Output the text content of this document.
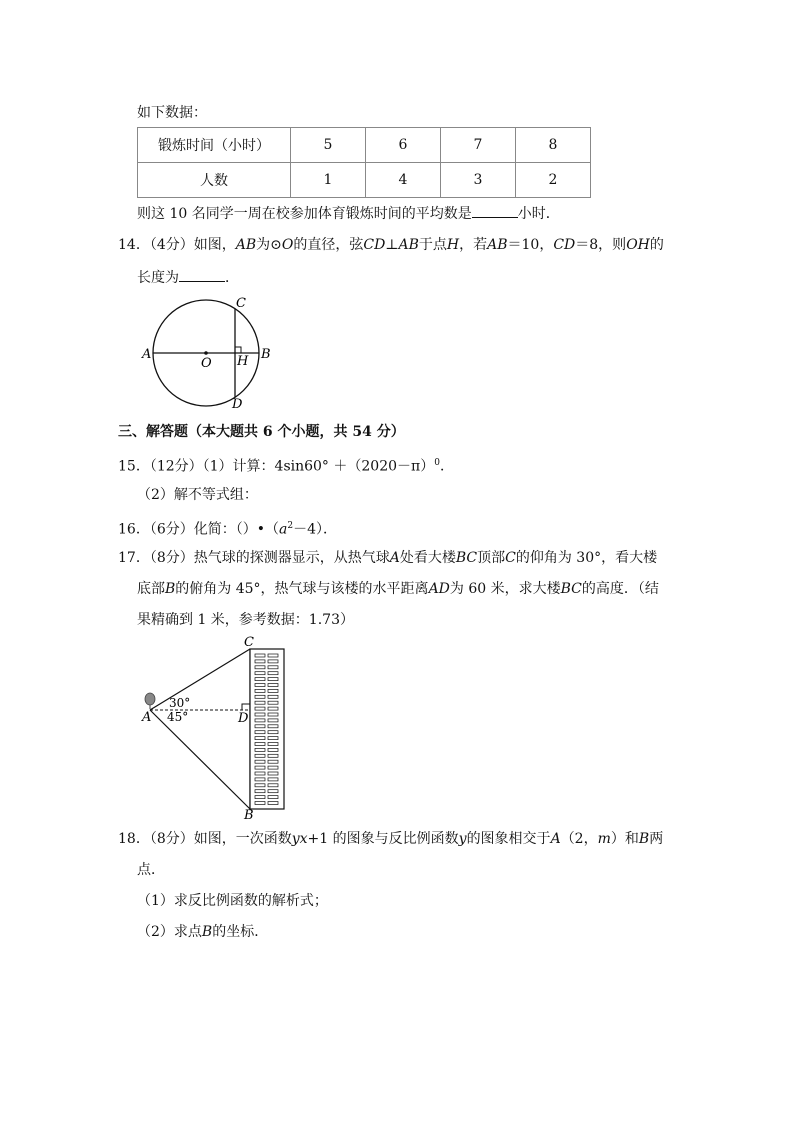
如下数据：
锻炼时间（小时）	5	6	7	8
人数	1	4	3	2
则这 10 名同学一周在校参加体育锻炼时间的平均数是	小时．
14．（4分）如图，AB为⊙O的直径，弦CD⊥AB于点H，若AB＝10，CD＝8，则OH的
长度为	．
C
A	B
O H
D
三、解答题（本大题共 6 个小题，共 54 分）
15．（12分）（1）计算：$4\sin 60^\circ +(2020-\pi)^0$．
（2）解不等式组：
16．（6分）化简：$()•(a^2-4)$．
17．（8分）热气球的探测器显示，从热气球A处看大楼BC顶部C的仰角为 30°，看大楼
底部B的俯角为 45°，热气球与该楼的水平距离AD为 60 米，求大楼BC的高度．（结
果精确到 1 米，参考数据：1.73）
C
A	D
B
30°
45°
18．（8分）如图，一次函数yx+1 的图象与反比例函数y的图象相交于A（2，m）和B两
点．
（1）求反比例函数的解析式；
（2）求点B的坐标．
